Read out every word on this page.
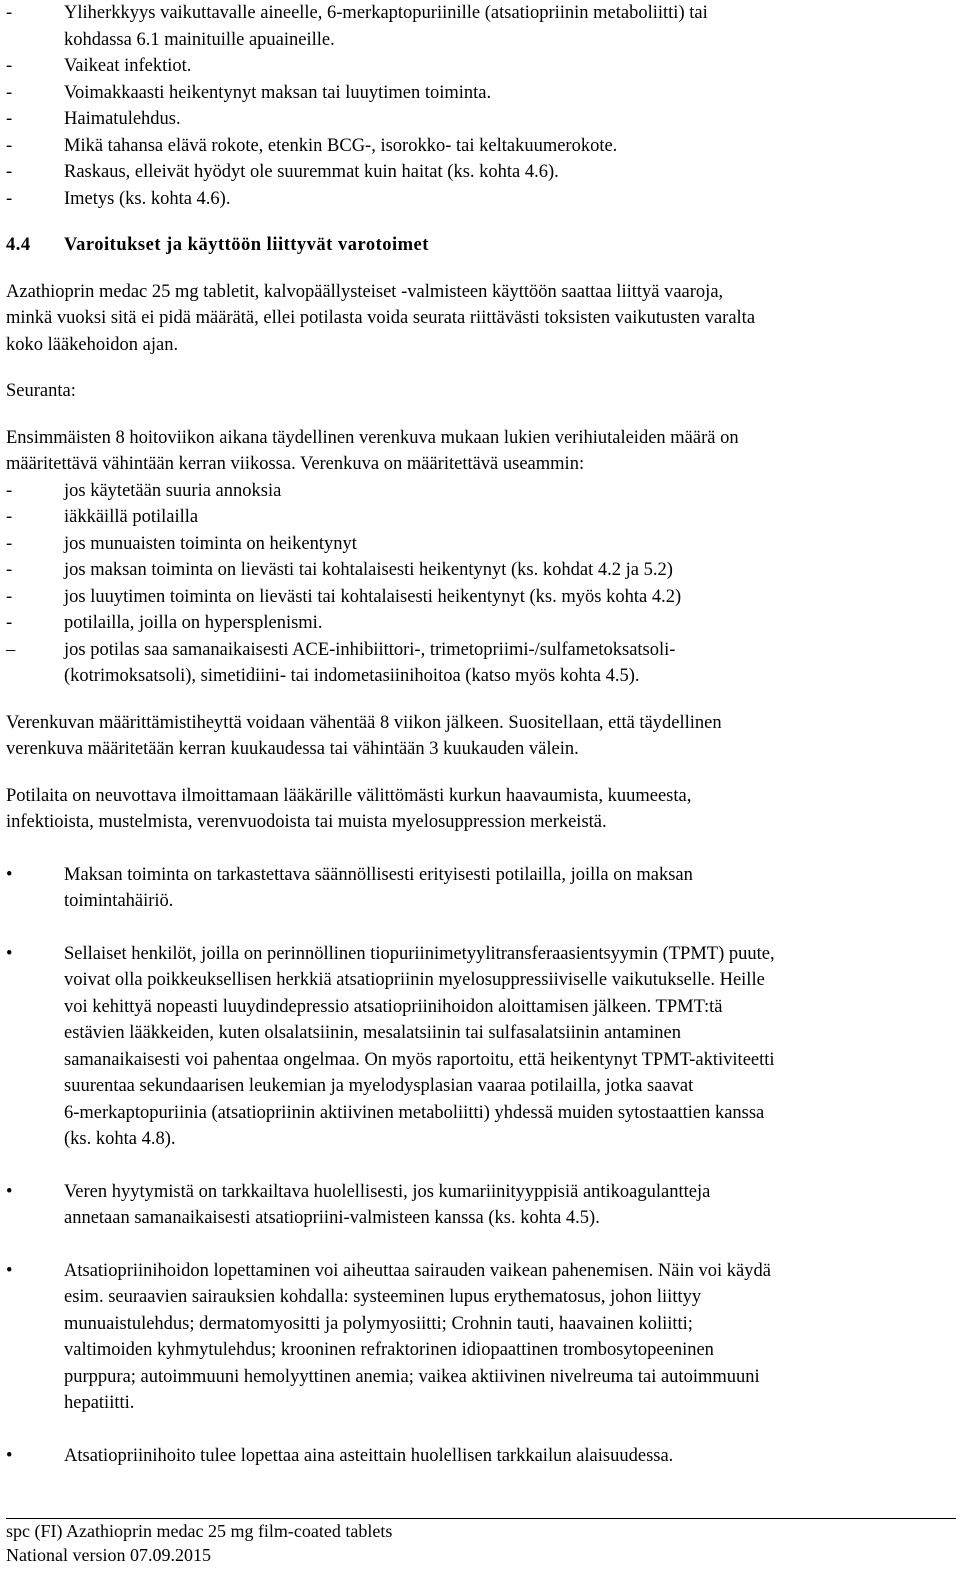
-	Yliherkkyys vaikuttavalle aineelle, 6-merkaptopuriinille (atsatiopriinin metaboliitti) tai
kohdassa 6.1 mainituille apuaineille.
-	Vaikeat infektiot.
-	Voimakkaasti heikentynyt maksan tai luuytimen toiminta.
-	Haimatulehdus.
-	Mikä tahansa elävä rokote, etenkin BCG-, isorokko- tai keltakuumerokote.
-	Raskaus, elleivät hyödyt ole suuremmat kuin haitat (ks. kohta 4.6).
-	Imetys (ks. kohta 4.6).
4.4	Varoitukset ja käyttöön liittyvät varotoimet
Azathioprin medac 25 mg tabletit, kalvopäällysteiset -valmisteen käyttöön saattaa liittyä vaaroja,
minkä vuoksi sitä ei pidä määrätä, ellei potilasta voida seurata riittävästi toksisten vaikutusten varalta
koko lääkehoidon ajan.
Seuranta:
Ensimmäisten 8 hoitoviikon aikana täydellinen verenkuva mukaan lukien verihiutaleiden määrä on
määritettävä vähintään kerran viikossa. Verenkuva on määritettävä useammin:
-	jos käytetään suuria annoksia
-	iäkkäillä potilailla
-	jos munuaisten toiminta on heikentynyt
-	jos maksan toiminta on lievästi tai kohtalaisesti heikentynyt (ks. kohdat 4.2 ja 5.2)
-	jos luuytimen toiminta on lievästi tai kohtalaisesti heikentynyt (ks. myös kohta 4.2)
-	potilailla, joilla on hypersplenismi.
–	jos potilas saa samanaikaisesti ACE-inhibiittori-, trimetopriimi-/sulfametoksatsoli-
(kotrimoksatsoli), simetidiini- tai indometasiinihoitoa (katso myös kohta 4.5).
Verenkuvan määrittämistiheyttä voidaan vähentää 8 viikon jälkeen. Suositellaan, että täydellinen
verenkuva määritetään kerran kuukaudessa tai vähintään 3 kuukauden välein.
Potilaita on neuvottava ilmoittamaan lääkärille välittömästi kurkun haavaumista, kuumeesta,
infektioista, mustelmista, verenvuodoista tai muista myelosuppression merkeistä.
•	Maksan toiminta on tarkastettava säännöllisesti erityisesti potilailla, joilla on maksan
toimintahäiriö.
•	Sellaiset henkilöt, joilla on perinnöllinen tiopuriinimetyylitransferaasientsyymin (TPMT) puute,
voivat olla poikkeuksellisen herkkiä atsatiopriinin myelosuppressiiviselle vaikutukselle. Heille
voi kehittyä nopeasti luuydindepressio atsatiopriinihoidon aloittamisen jälkeen. TPMT:tä
estävien lääkkeiden, kuten olsalatsiinin, mesalatsiinin tai sulfasalatsiinin antaminen
samanaikaisesti voi pahentaa ongelmaa. On myös raportoitu, että heikentynyt TPMT-aktiviteetti
suurentaa sekundaarisen leukemian ja myelodysplasian vaaraa potilailla, jotka saavat
6-merkaptopuriinia (atsatiopriinin aktiivinen metaboliitti) yhdessä muiden sytostaattien kanssa
(ks. kohta 4.8).
•	Veren hyytymistä on tarkkailtava huolellisesti, jos kumariinityyppisiä antikoagulantteja
annetaan samanaikaisesti atsatiopriini-valmisteen kanssa (ks. kohta 4.5).
•	Atsatiopriinihoidon lopettaminen voi aiheuttaa sairauden vaikean pahenemisen. Näin voi käydä
esim. seuraavien sairauksien kohdalla: systeeminen lupus erythematosus, johon liittyy
munuaistulehdus; dermatomyositti ja polymyosiitti; Crohnin tauti, haavainen koliitti;
valtimoiden kyhmytulehdus; krooninen refraktorinen idiopaattinen trombosytopeeninen
purppura; autoimmuuni hemolyyttinen anemia; vaikea aktiivinen nivelreuma tai autoimmuuni
hepatiitti.
•	Atsatiopriinihoito tulee lopettaa aina asteittain huolellisen tarkkailun alaisuudessa.
spc (FI) Azathioprin medac 25 mg film-coated tablets
National version 07.09.2015
